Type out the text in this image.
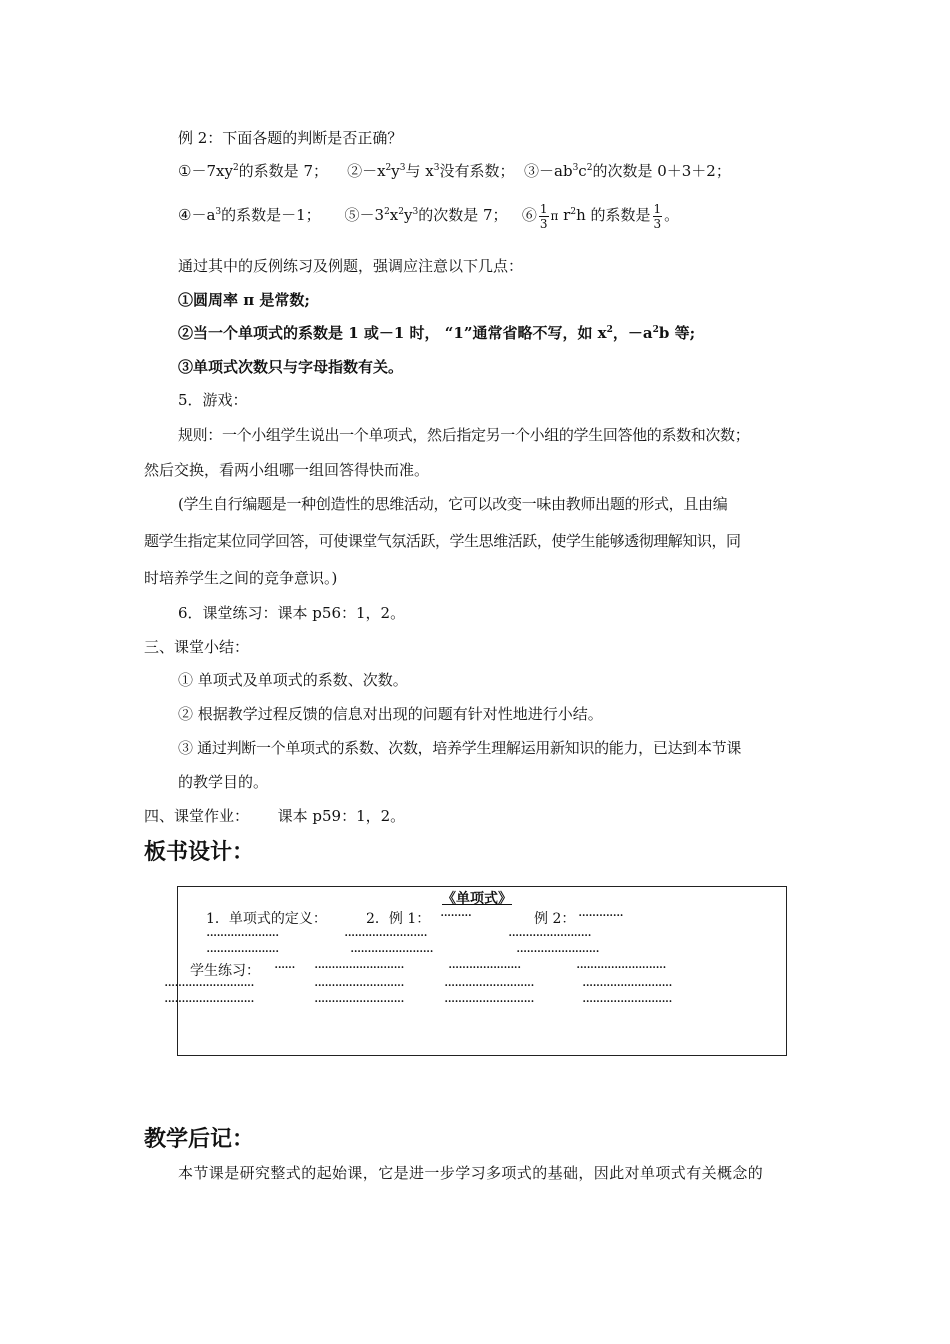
例 2：下面各题的判断是否正确？
$①-7xy^2$的系数是 7； $②-x^2y^3$与 $x^3$没有系数； $③-ab^3c^2$的次数是 0＋3＋2；
$④-a^3$的系数是－1； $⑤-3^2x^2y^3$的次数是 7； ⑥ $\frac{1}{3}$ π $r^2h$ 的系数是 $\frac{1}{3}$ 。
通过其中的反例练习及例题，强调应注意以下几点：
①圆周率 π 是常数;
②当一个单项式的系数是 1 或－1 时， “1”通常省略不写，如 $x^2$，$-a^2b$ 等;
③单项式次数只与字母指数有关。
5．游戏：
规则：一个小组学生说出一个单项式，然后指定另一个小组的学生回答他的系数和次数；
然后交换，看两小组哪一组回答得快而准。
(学生自行编题是一种创造性的思维活动，它可以改变一味由教师出题的形式，且由编
题学生指定某位同学回答，可使课堂气氛活跃，学生思维活跃，使学生能够透彻理解知识，同
时培养学生之间的竞争意识。)
6．课堂练习：课本 p56：1，2。
三、课堂小结：
① 单项式及单项式的系数、次数。
② 根据教学过程反馈的信息对出现的问题有针对性地进行小结。
③ 通过判断一个单项式的系数、次数，培养学生理解运用新知识的能力，已达到本节课
的教学目的。
四、课堂作业：      课本 p59：1，2。
板书设计：
《单项式》
1．单项式的定义：	2．例 1： ·········	例 2： ·············
·····················	························	························
·····················	························	························
学生练习： ······ ··························	·····················	··························
··························	··························	··························	··························
··························	··························	··························	··························
教学后记：
本节课是研究整式的起始课，它是进一步学习多项式的基础，因此对单项式有关概念的
